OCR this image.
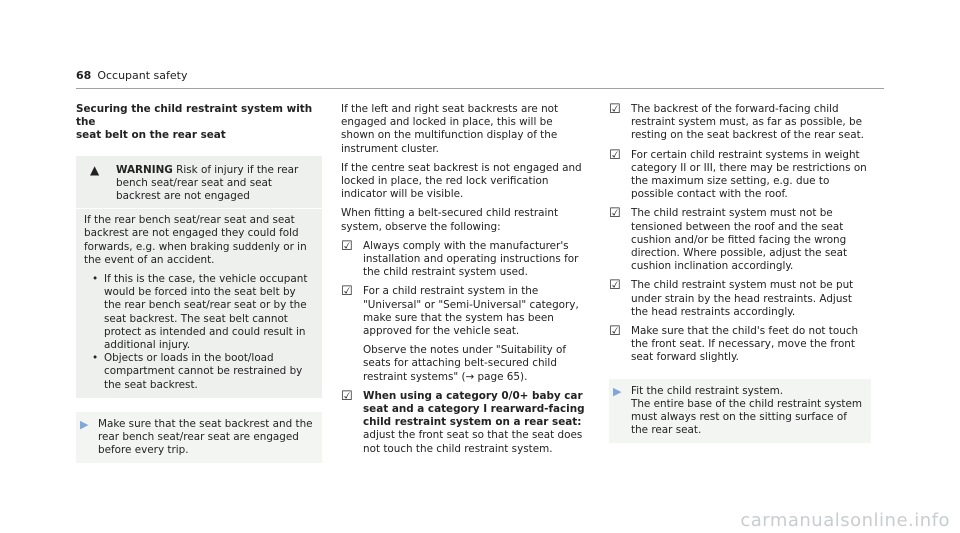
68 Occupant safety
Securing the child restraint system with the
seat belt on the rear seat
▲	WARNING Risk of injury if the rear bench seat/rear seat and seat backrest are not engaged

If the rear bench seat/rear seat and seat backrest are not engaged they could fold forwards, e.g. when braking suddenly or in the event of an accident.

• If this is the case, the vehicle occupant would be forced into the seat belt by the rear bench seat/rear seat or by the seat backrest. The seat belt cannot protect as intended and could result in additional injury.
• Objects or loads in the boot/load compartment cannot be restrained by the seat backrest.
▶ Make sure that the seat backrest and the rear bench seat/rear seat are engaged before every trip.

If the left and right seat backrests are not engaged and locked in place, this will be shown on the multifunction display of the instrument cluster.

If the centre seat backrest is not engaged and locked in place, the red lock verification indicator will be visible.

When fitting a belt-secured child restraint system, observe the following:

☑ Always comply with the manufacturer's installation and operating instructions for the child restraint system used.
☑ For a child restraint system in the "Universal" or "Semi-Universal" category, make sure that the system has been approved for the vehicle seat.
Observe the notes under "Suitability of seats for attaching belt-secured child restraint systems" (→ page 65).
☑ When using a category 0/0+ baby car seat and a category I rearward-facing child restraint system on a rear seat: adjust the front seat so that the seat does not touch the child restraint system.
☑ The backrest of the forward-facing child restraint system must, as far as possible, be resting on the seat backrest of the rear seat.
☑ For certain child restraint systems in weight category II or III, there may be restrictions on the maximum size setting, e.g. due to possible contact with the roof.
☑ The child restraint system must not be tensioned between the roof and the seat cushion and/or be fitted facing the wrong direction. Where possible, adjust the seat cushion inclination accordingly.
☑ The child restraint system must not be put under strain by the head restraints. Adjust the head restraints accordingly.
☑ Make sure that the child's feet do not touch the front seat. If necessary, move the front seat forward slightly.
▶ Fit the child restraint system.
The entire base of the child restraint system must always rest on the sitting surface of the rear seat.
carmanualsonline.info
